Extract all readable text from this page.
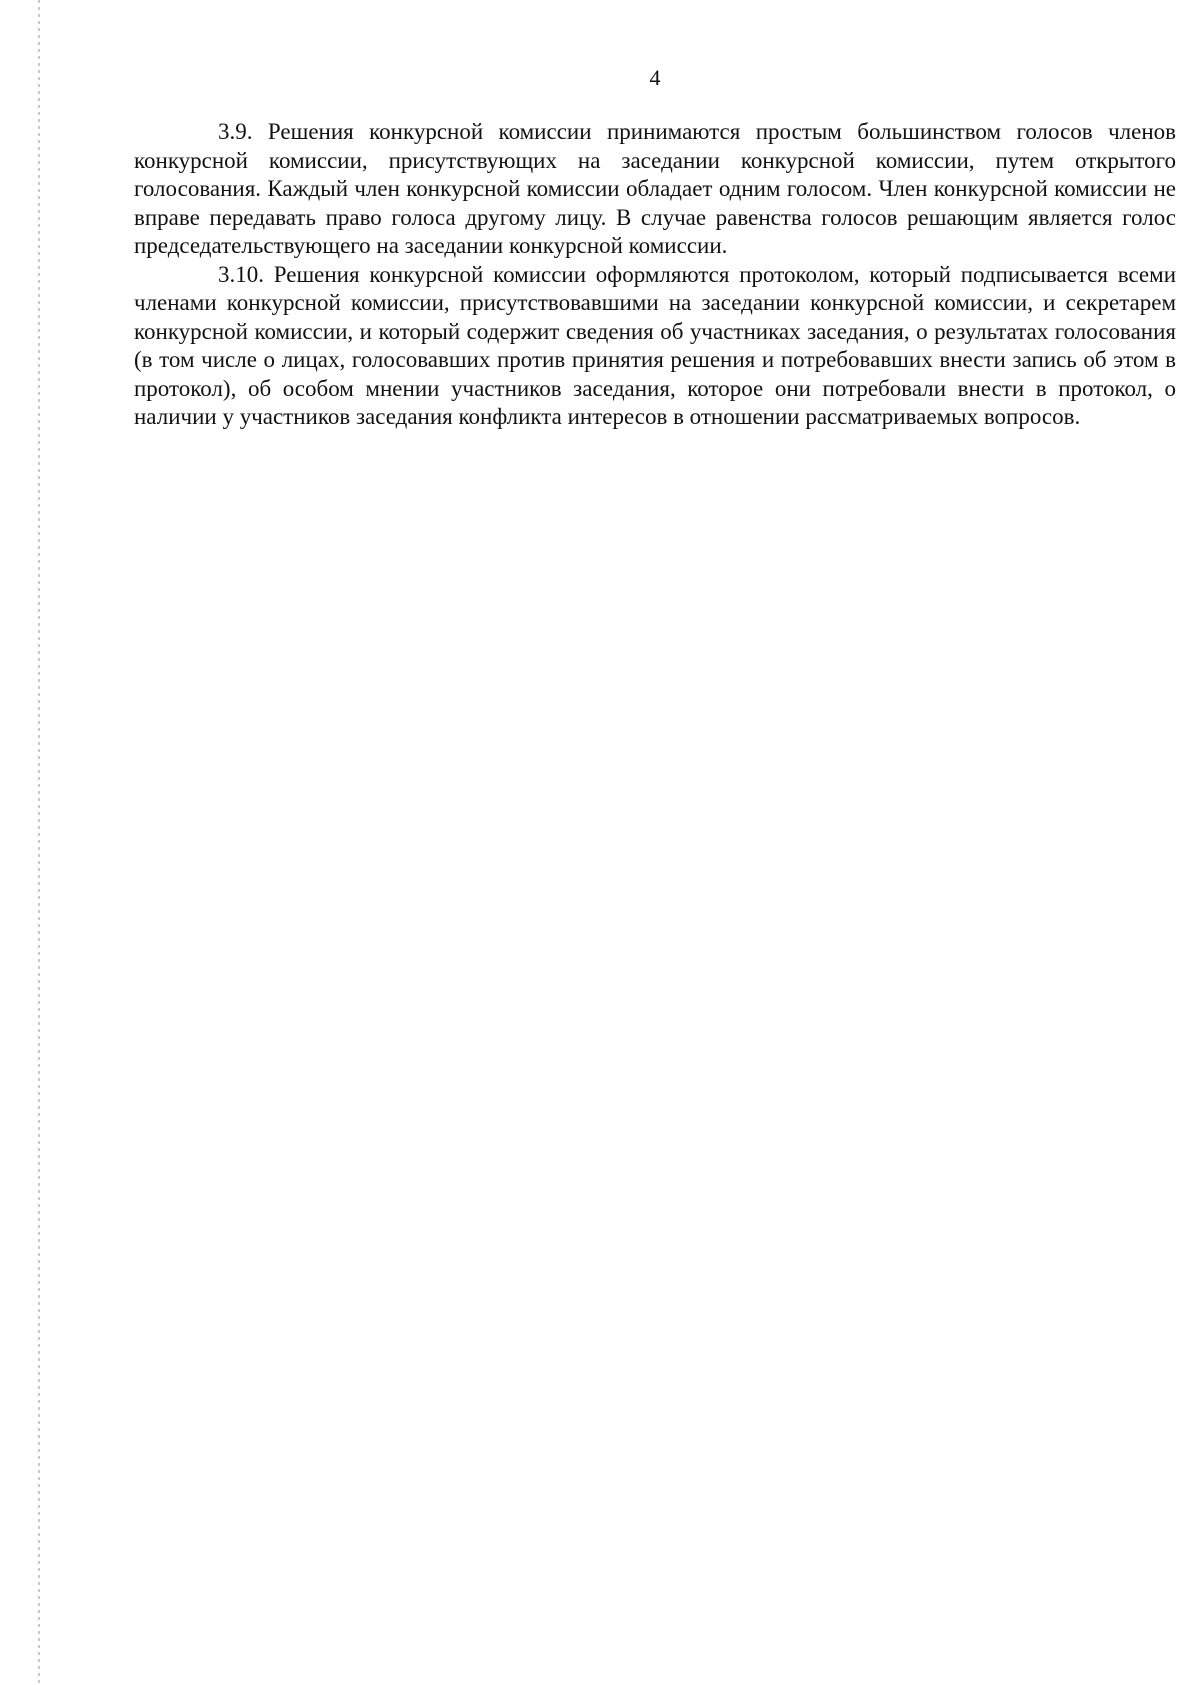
4

3.9. Решения конкурсной комиссии принимаются простым большинством голосов членов конкурсной комиссии, присутствующих на заседании конкурсной комиссии, путем открытого голосования. Каждый член конкурсной комиссии обладает одним голосом. Член конкурсной комиссии не вправе передавать право голоса другому лицу. В случае равенства голосов решающим является голос председательствующего на заседании конкурсной комиссии.

3.10. Решения конкурсной комиссии оформляются протоколом, который подписывается всеми членами конкурсной комиссии, присутствовавшими на заседании конкурсной комиссии, и секретарем конкурсной комиссии, и который содержит сведения об участниках заседания, о результатах голосования (в том числе о лицах, голосовавших против принятия решения и потребовавших внести запись об этом в протокол), об особом мнении участников заседания, которое они потребовали внести в протокол, о наличии у участников заседания конфликта интересов в отношении рассматриваемых вопросов.
